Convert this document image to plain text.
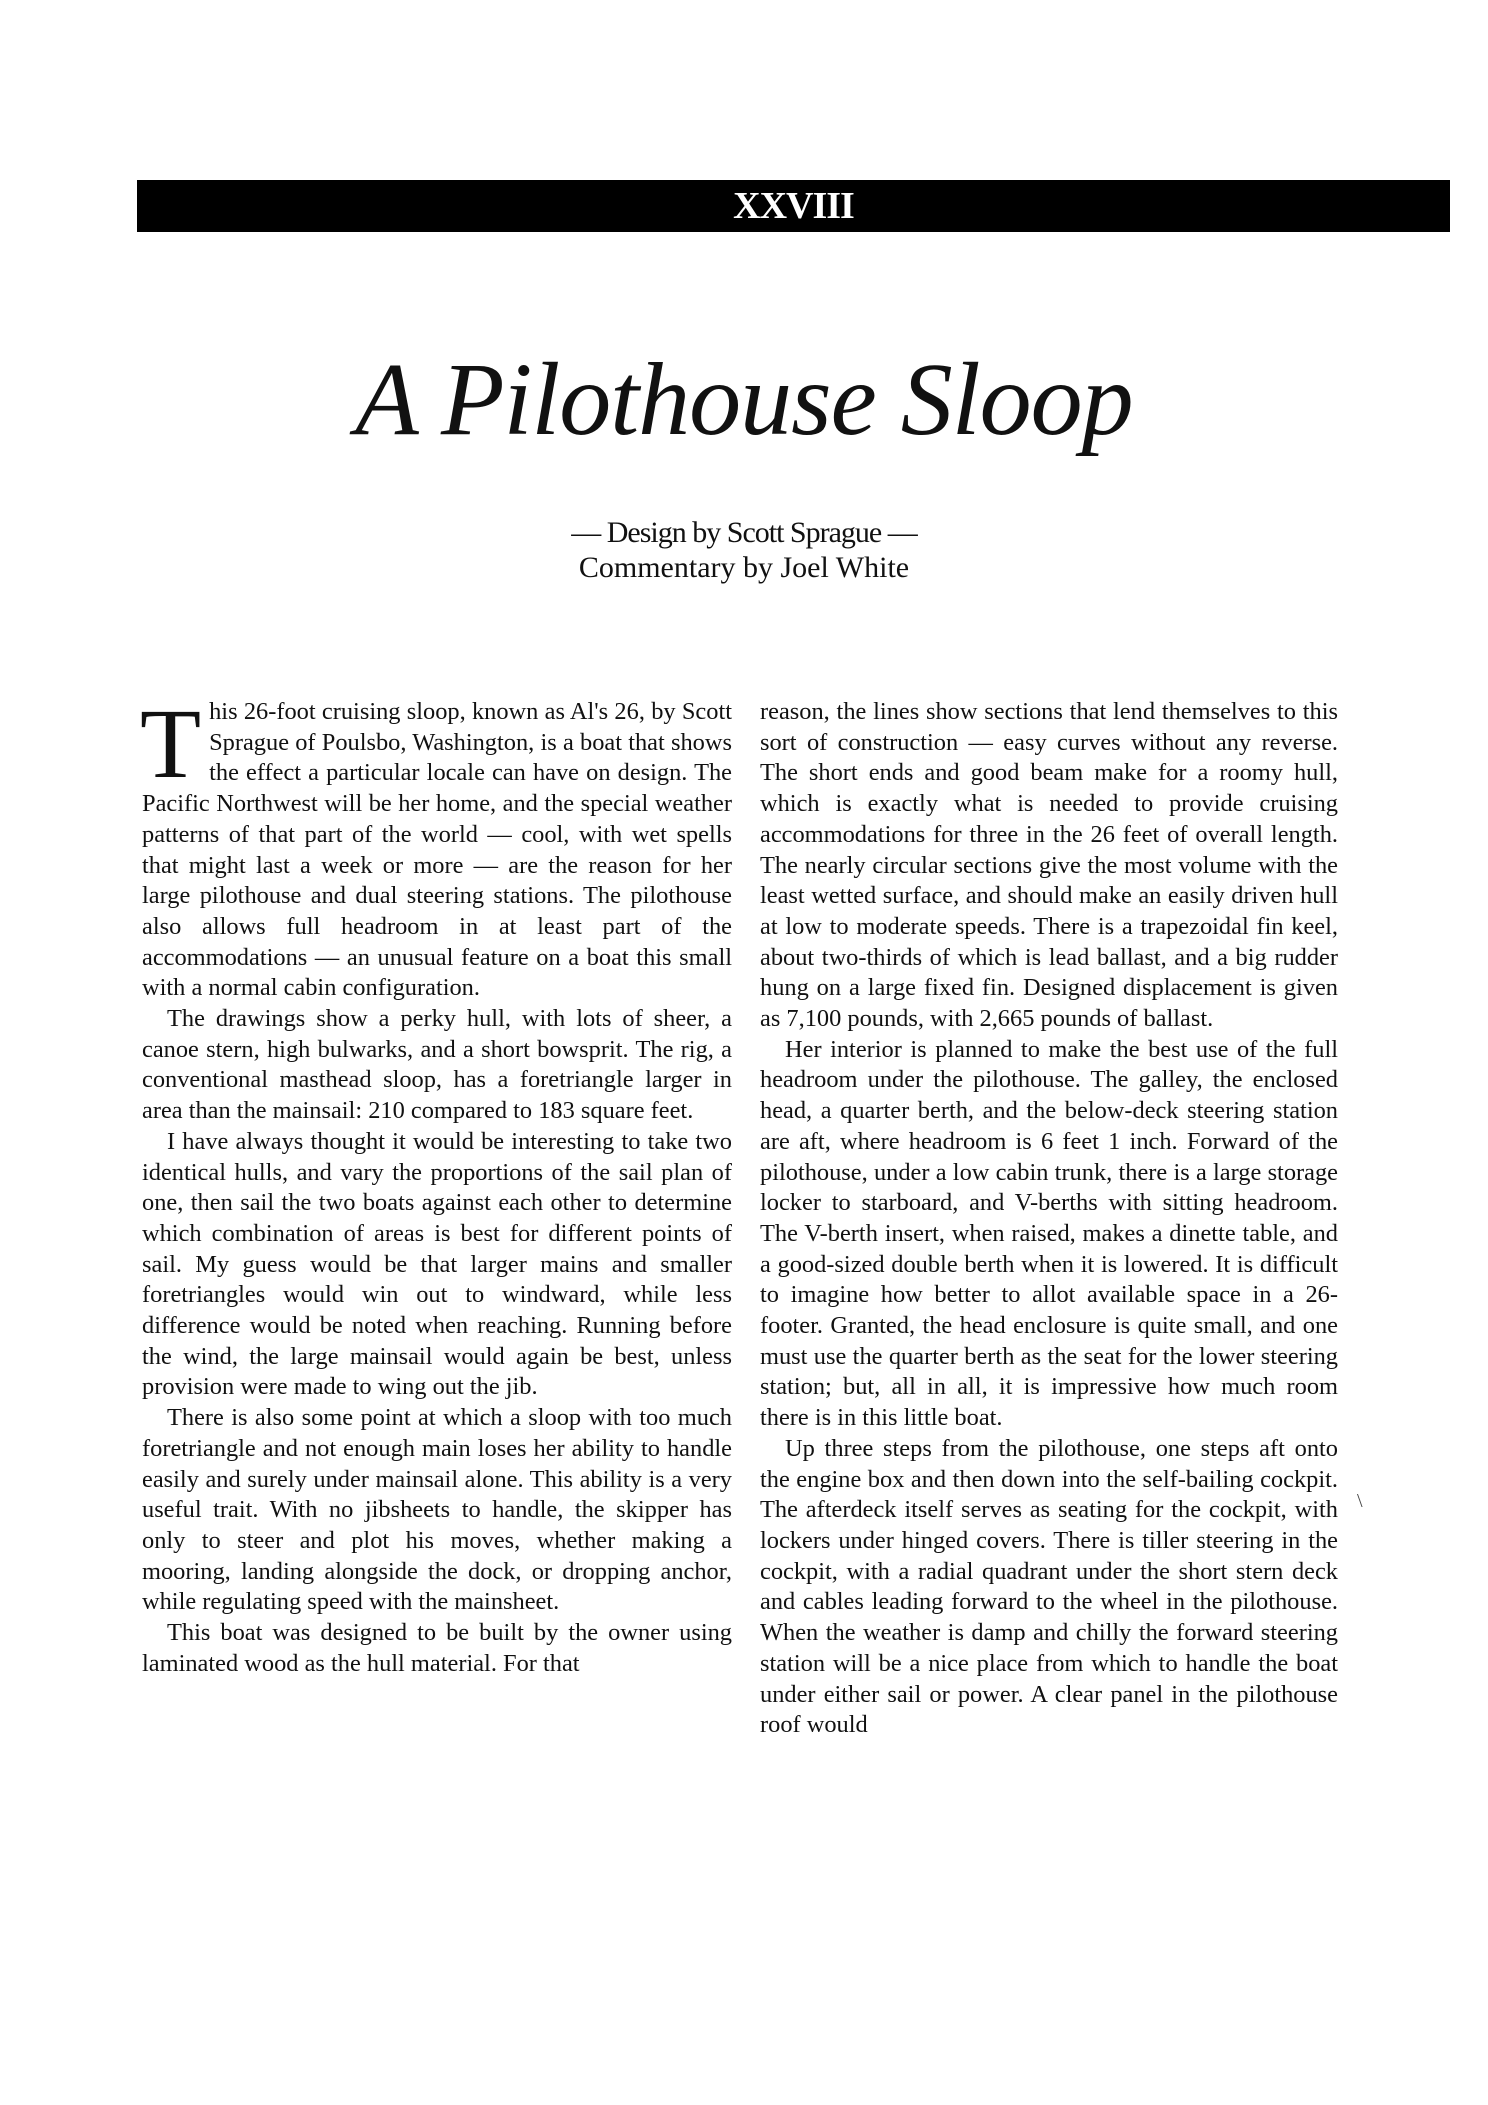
XXVIII
A Pilothouse Sloop
— Design by Scott Sprague —
Commentary by Joel White

This 26-foot cruising sloop, known as Al's 26, by Scott Sprague of Poulsbo, Washington, is a boat that shows the effect a particular locale can have on design. The Pacific Northwest will be her home, and the special weather patterns of that part of the world — cool, with wet spells that might last a week or more — are the reason for her large pilothouse and dual steering stations. The pilothouse also allows full headroom in at least part of the accommodations — an unusual feature on a boat this small with a normal cabin configuration.

The drawings show a perky hull, with lots of sheer, a canoe stern, high bulwarks, and a short bowsprit. The rig, a conventional masthead sloop, has a foretriangle larger in area than the mainsail: 210 compared to 183 square feet.

I have always thought it would be interesting to take two identical hulls, and vary the proportions of the sail plan of one, then sail the two boats against each other to determine which combination of areas is best for different points of sail. My guess would be that larger mains and smaller foretriangles would win out to windward, while less difference would be noted when reaching. Running before the wind, the large mainsail would again be best, unless provision were made to wing out the jib.

There is also some point at which a sloop with too much foretriangle and not enough main loses her ability to handle easily and surely under mainsail alone. This ability is a very useful trait. With no jibsheets to handle, the skipper has only to steer and plot his moves, whether making a mooring, landing alongside the dock, or dropping anchor, while regulating speed with the mainsheet.

This boat was designed to be built by the owner using laminated wood as the hull material. For that

reason, the lines show sections that lend themselves to this sort of construction — easy curves without any reverse. The short ends and good beam make for a roomy hull, which is exactly what is needed to provide cruising accommodations for three in the 26 feet of overall length. The nearly circular sections give the most volume with the least wetted surface, and should make an easily driven hull at low to moderate speeds. There is a trapezoidal fin keel, about two-thirds of which is lead ballast, and a big rudder hung on a large fixed fin. Designed displacement is given as 7,100 pounds, with 2,665 pounds of ballast.

Her interior is planned to make the best use of the full headroom under the pilothouse. The galley, the enclosed head, a quarter berth, and the below-deck steering station are aft, where headroom is 6 feet 1 inch. Forward of the pilothouse, under a low cabin trunk, there is a large storage locker to starboard, and V-berths with sitting headroom. The V-berth insert, when raised, makes a dinette table, and a good-sized double berth when it is lowered. It is difficult to imagine how better to allot available space in a 26-footer. Granted, the head enclosure is quite small, and one must use the quarter berth as the seat for the lower steering station; but, all in all, it is impressive how much room there is in this little boat.

Up three steps from the pilothouse, one steps aft onto the engine box and then down into the self-bailing cockpit. The afterdeck itself serves as seating for the cockpit, with lockers under hinged covers. There is tiller steering in the cockpit, with a radial quadrant under the short stern deck and cables leading forward to the wheel in the pilothouse. When the weather is damp and chilly the forward steering station will be a nice place from which to handle the boat under either sail or power. A clear panel in the pilothouse roof would

\
